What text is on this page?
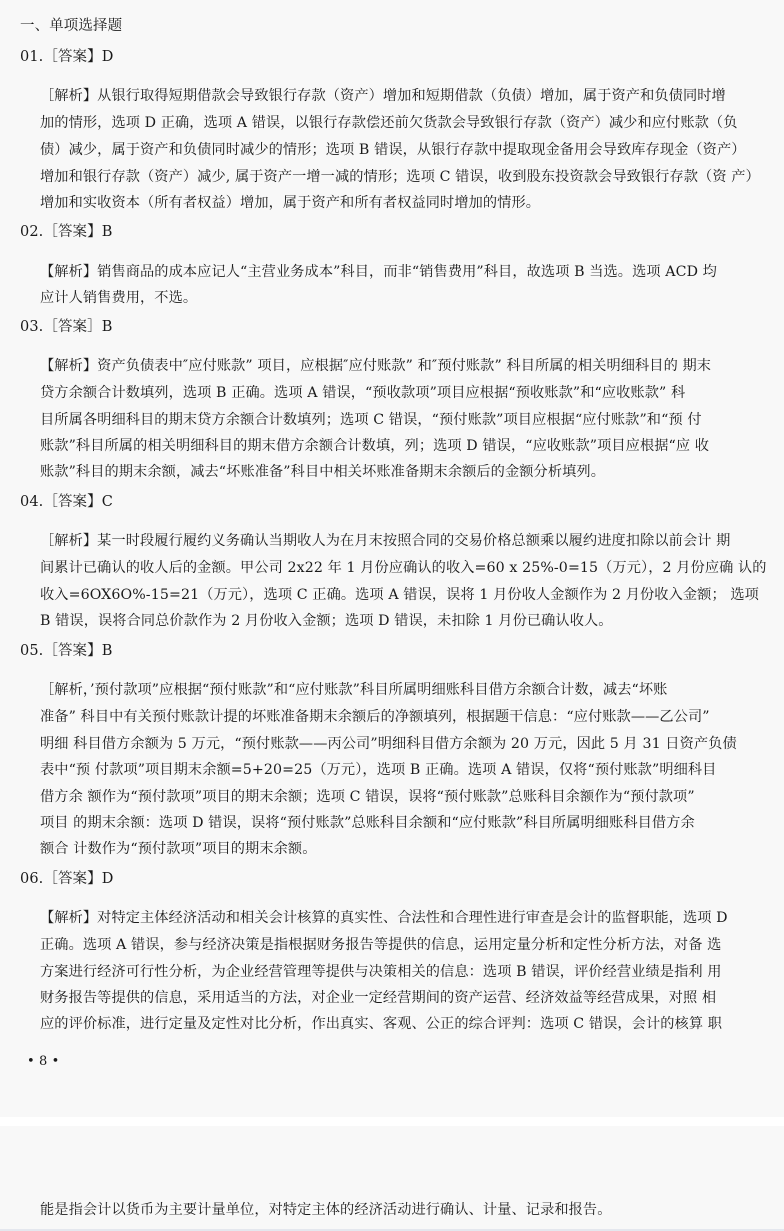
一、单项选择题
01.［答案】D
［解析】从银行取得短期借款会导致银行存款（资产）增加和短期借款（负债）增加，属于资产和负债同时增
加的情形，选项 D 正确，选项 A 错误，以银行存款偿还前欠货款会导致银行存款（资产）减少和应付账款（负
债）减少，属于资产和负债同时减少的情形；选项 B 错误，从银行存款中提取现金备用会导致库存现金（资产）
增加和银行存款（资产）减少, 属于资产一增一减的情形；选项 C 错误，收到股东投资款会导致银行存款（资 产）
增加和实收资本（所有者权益）增加，属于资产和所有者权益同时增加的情形。
02.［答案】B
【解析】销售商品的成本应记人“主营业务成本”科目，而非“销售费用”科目，故选项 B 当选。选项 ACD 均
应计人销售费用，不选。
03.［答案］B
【解析】资产负债表中″应付账款” 项目，应根据″应付账款” 和″预付账款” 科目所属的相关明细科目的 期末
贷方余额合计数填列，选项 B 正确。选项 A 错误，“预收款项”项目应根据“预收账款”和“应收账款” 科
目所属各明细科目的期末贷方余额合计数填列；选项 C 错误，“预付账款”项目应根据“应付账款”和“预 付
账款”科目所属的相关明细科目的期末借方余额合计数填，列；选项 D 错误，“应收账款”项目应根据“应 收
账款”科目的期末余额，减去“坏账准备”科目中相关坏账准备期末余额后的金额分析填列。
04.［答案】C
［解析】某一时段履行履约义务确认当期收人为在月末按照合同的交易价格总额乘以履约进度扣除以前会计 期
间累计已确认的收人后的金额。甲公司 2x22 年 1 月份应确认的收入=60 x 25%-0=15（万元），2 月份应确 认的
收入=6OX6O%-15=21（万元），选项 C 正确。选项 A 错误，误将 1 月份收人金额作为 2 月份收入金额； 选项
B 错误，误将合同总价款作为 2 月份收入金额；选项 D 错误，未扣除 1 月份已确认收人。
05.［答案】B
［解析，’预付款项”应根据“预付账款”和“应付账款”科目所属明细账科目借方余额合计数，减去“坏账
准备” 科目中有关预付账款计提的坏账准备期末余额后的净额填列，根据题干信息：“应付账款——乙公司”
明细 科目借方余额为 5 万元，“预付账款——丙公司”明细科目借方余额为 20 万元，因此 5 月 31 日资产负债
表中“预 付款项”项目期末余额=5+20=25（万元），选项 B 正确。选项 A 错误，仅将“预付账款”明细科目
借方余 额作为“预付款项”项目的期末余额；选项 C 错误，误将“预付账款”总账科目余额作为“预付款项”
项目 的期末余额：选项 D 错误，误将“预付账款”总账科目余额和“应付账款”科目所属明细账科目借方余
额合 计数作为“预付款项”项目的期末余额。
06.［答案】D
【解析】对特定主体经济活动和相关会计核算的真实性、合法性和合理性进行审查是会计的监督职能，选项 D
正确。选项 A 错误，参与经济决策是指根据财务报告等提供的信息，运用定量分析和定性分析方法，对备 选
方案进行经济可行性分析，为企业经营管理等提供与决策相关的信息：选项 B 错误，评价经营业绩是指利 用
财务报告等提供的信息，采用适当的方法，对企业一定经营期间的资产运营、经济效益等经营成果，对照 相
应的评价标准，进行定量及定性对比分析，作出真实、客观、公正的综合评判：选项 C 错误，会计的核算 职
• 8 •
能是指会计以货币为主要计量单位，对特定主体的经济活动进行确认、计量、记录和报告。
